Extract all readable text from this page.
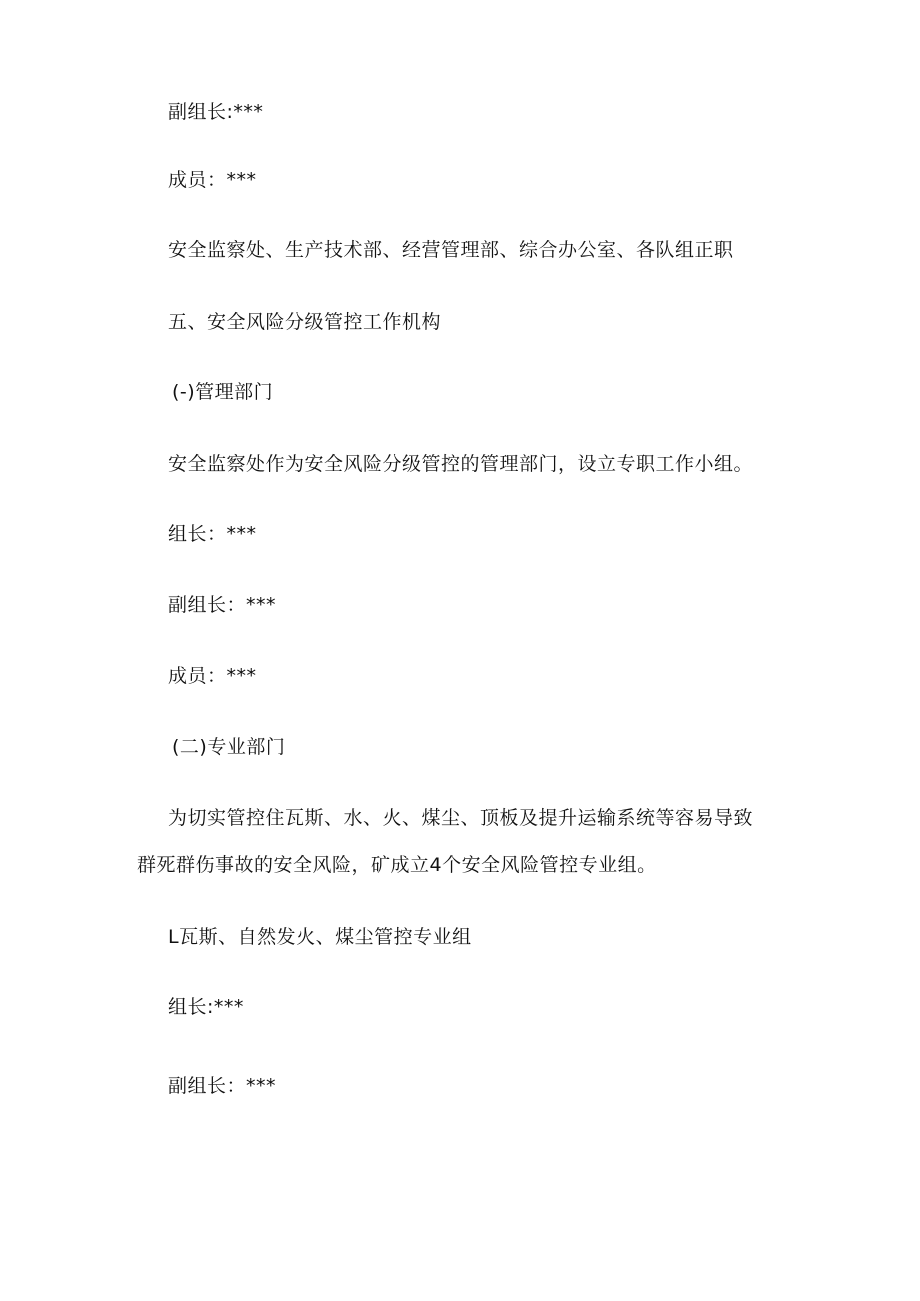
副组长:***
成员：***
安全监察处、生产技术部、经营管理部、综合办公室、各队组正职
五、安全风险分级管控工作机构
(-)管理部门
安全监察处作为安全风险分级管控的管理部门，设立专职工作小组。
组长：***
副组长：***
成员：***
(二)专业部门
为切实管控住瓦斯、水、火、煤尘、顶板及提升运输系统等容易导致
群死群伤事故的安全风险，矿成立4个安全风险管控专业组。
L瓦斯、自然发火、煤尘管控专业组
组长:***
副组长：***
